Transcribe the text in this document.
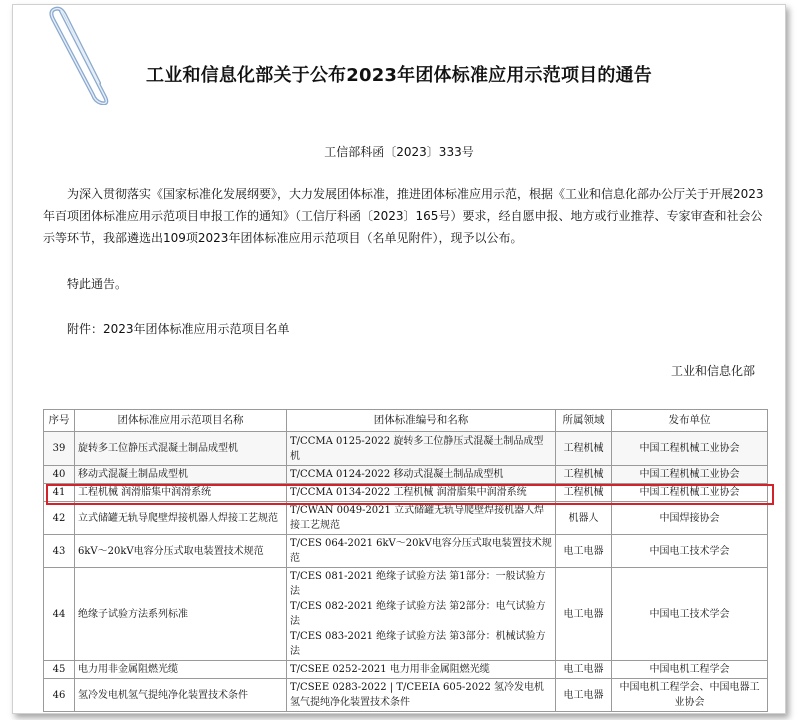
工业和信息化部关于公布2023年团体标准应用示范项目的通告
工信部科函〔2023〕333号
为深入贯彻落实《国家标准化发展纲要》，大力发展团体标准，推进团体标准应用示范，根据《工业和信息化部办公厅关于开展2023年百项团体标准应用示范项目申报工作的通知》（工信厅科函〔2023〕165号）要求，经自愿申报、地方或行业推荐、专家审查和社会公示等环节，我部遴选出109项2023年团体标准应用示范项目（名单见附件），现予以公布。
特此通告。
附件：2023年团体标准应用示范项目名单
工业和信息化部
序号	团体标准应用示范项目名称	团体标准编号和名称	所属领域	发布单位
39	旋转多工位静压式混凝土制品成型机	T/CCMA 0125-2022 旋转多工位静压式混凝土制品成型机	工程机械	中国工程机械工业协会
40	移动式混凝土制品成型机	T/CCMA 0124-2022 移动式混凝土制品成型机	工程机械	中国工程机械工业协会
41	工程机械 润滑脂集中润滑系统	T/CCMA 0134-2022 工程机械 润滑脂集中润滑系统	工程机械	中国工程机械工业协会
42	立式储罐无轨导爬壁焊接机器人焊接工艺规范	T/CWAN 0049-2021 立式储罐无轨导爬壁焊接机器人焊接工艺规范	机器人	中国焊接协会
43	6kV～20kV电容分压式取电装置技术规范	T/CES 064-2021 6kV～20kV电容分压式取电装置技术规范	电工电器	中国电工技术学会
44	绝缘子试验方法系列标准	T/CES 081-2021 绝缘子试验方法 第1部分：一般试验方法
T/CES 082-2021 绝缘子试验方法 第2部分：电气试验方法
T/CES 083-2021 绝缘子试验方法 第3部分：机械试验方法	电工电器	中国电工技术学会
45	电力用非金属阻燃光缆	T/CSEE 0252-2021 电力用非金属阻燃光缆	电工电器	中国电机工程学会
46	氢冷发电机氢气提纯净化装置技术条件	T/CSEE 0283-2022 | T/CEEIA 605-2022 氢冷发电机氢气提纯净化装置技术条件	电工电器	中国电机工程学会、中国电器工业协会
